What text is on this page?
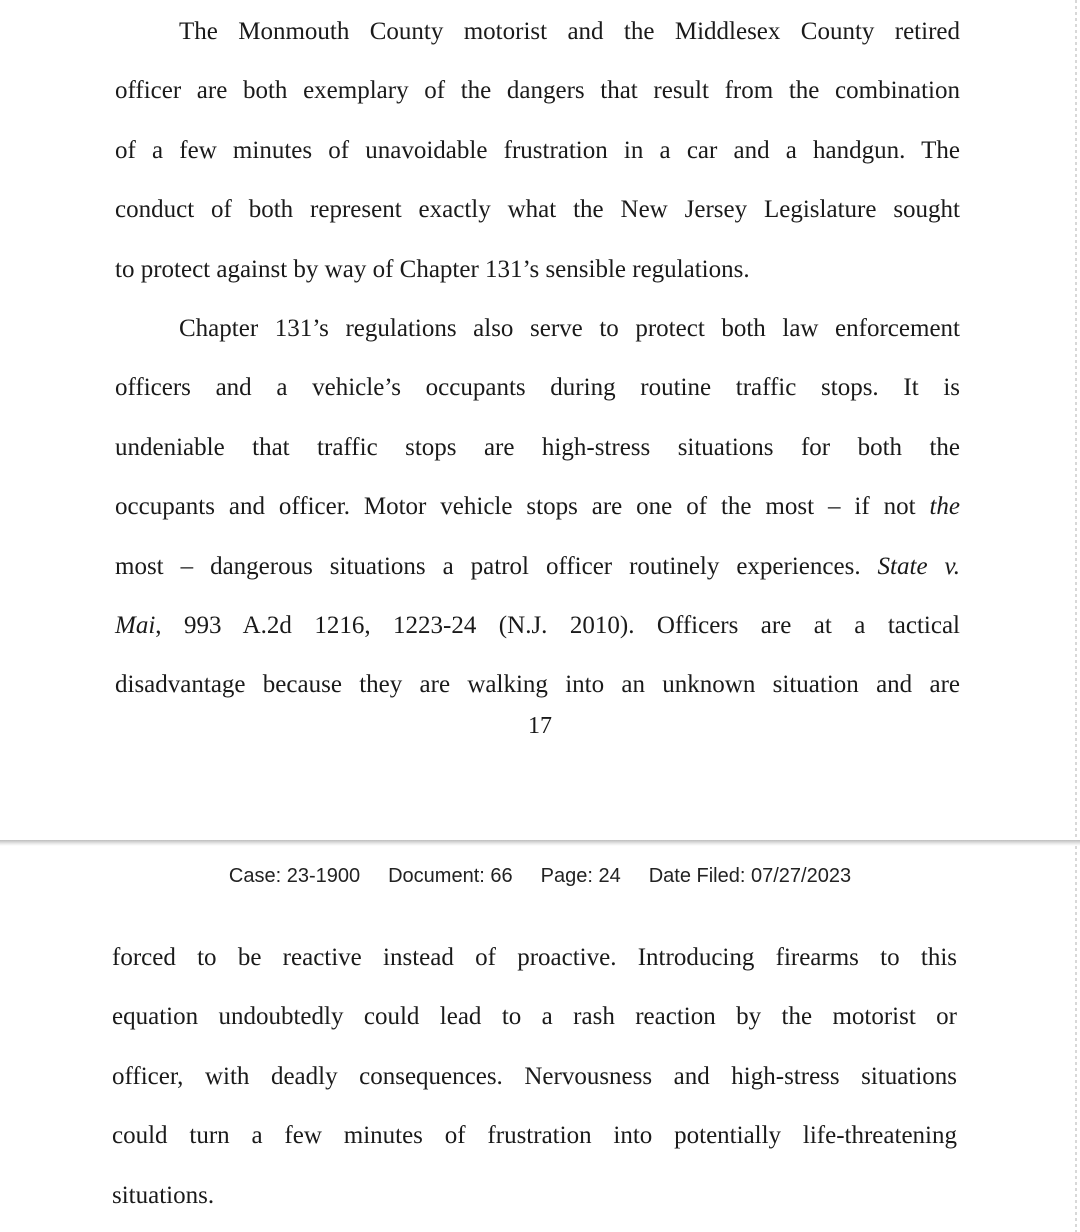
The Monmouth County motorist and the Middlesex County retired
officer are both exemplary of the dangers that result from the combination
of a few minutes of unavoidable frustration in a car and a handgun. The
conduct of both represent exactly what the New Jersey Legislature sought
to protect against by way of Chapter 131’s sensible regulations.
Chapter 131’s regulations also serve to protect both law enforcement
officers and a vehicle’s occupants during routine traffic stops. It is
undeniable that traffic stops are high-stress situations for both the
occupants and officer. Motor vehicle stops are one of the most – if not the
most – dangerous situations a patrol officer routinely experiences. State v.
Mai, 993 A.2d 1216, 1223-24 (N.J. 2010). Officers are at a tactical
disadvantage because they are walking into an unknown situation and are
17
Case: 23-1900 Document: 66 Page: 24 Date Filed: 07/27/2023
forced to be reactive instead of proactive. Introducing firearms to this
equation undoubtedly could lead to a rash reaction by the motorist or
officer, with deadly consequences. Nervousness and high-stress situations
could turn a few minutes of frustration into potentially life-threatening
situations.
